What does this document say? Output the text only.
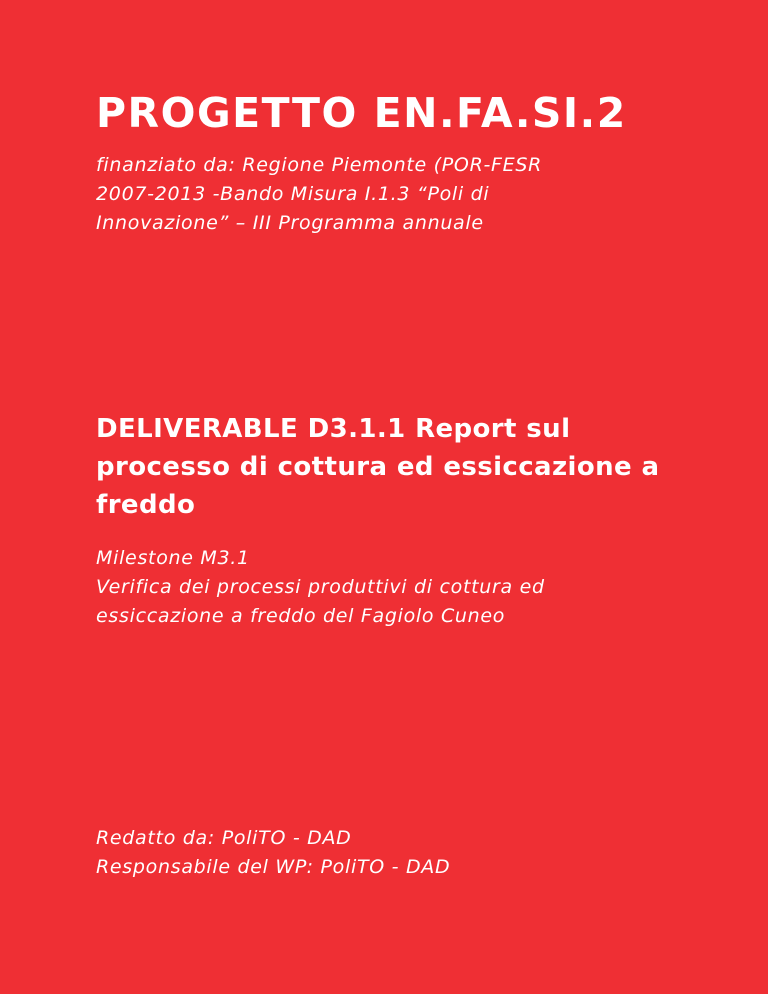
PROGETTO EN.FA.SI.2

finanziato da: Regione Piemonte (POR-FESR
2007-2013 -Bando Misura I.1.3 “Poli di
Innovazione” – III Programma annuale

DELIVERABLE D3.1.1 Report sul
processo di cottura ed essiccazione a
freddo

Milestone M3.1
Verifica dei processi produttivi di cottura ed
essiccazione a freddo del Fagiolo Cuneo

Redatto da: PoliTO - DAD
Responsabile del WP: PoliTO - DAD
